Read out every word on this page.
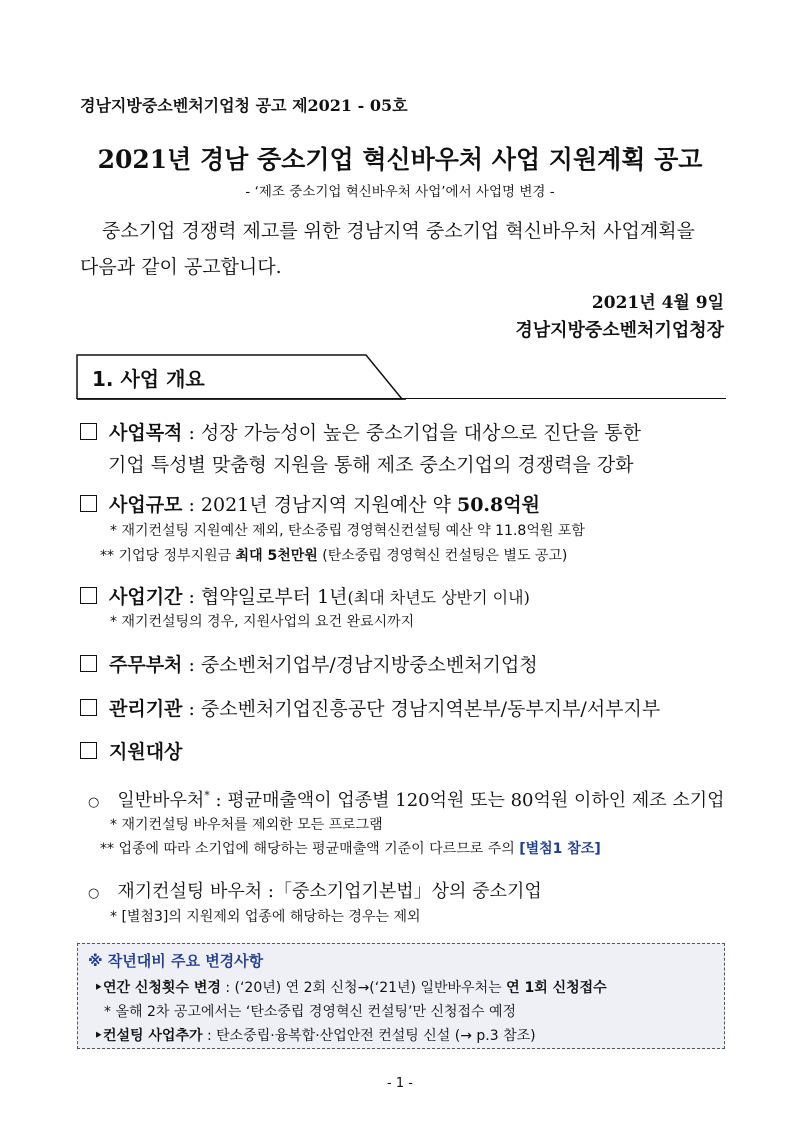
경남지방중소벤처기업청 공고 제2021 - 05호
2021년 경남 중소기업 혁신바우처 사업 지원계획 공고
- ‘제조 중소기업 혁신바우처 사업’에서 사업명 변경 -
중소기업 경쟁력 제고를 위한 경남지역 중소기업 혁신바우처 사업계획을
다음과 같이 공고합니다.
2021년 4월 9일
경남지방중소벤처기업청장
1. 사업 개요
사업목적 : 성장 가능성이 높은 중소기업을 대상으로 진단을 통한
기업 특성별 맞춤형 지원을 통해 제조 중소기업의 경쟁력을 강화
사업규모 : 2021년 경남지역 지원예산 약 50.8억원
* 재기컨설팅 지원예산 제외, 탄소중립 경영혁신컨설팅 예산 약 11.8억원 포함
** 기업당 정부지원금 최대 5천만원 (탄소중립 경영혁신 컨설팅은 별도 공고)
사업기간 : 협약일로부터 1년(최대 차년도 상반기 이내)
* 재기컨설팅의 경우, 지원사업의 요건 완료시까지
주무부처 : 중소벤처기업부/경남지방중소벤처기업청
관리기관 : 중소벤처기업진흥공단 경남지역본부/동부지부/서부지부
지원대상
○ 일반바우처* : 평균매출액이 업종별 120억원 또는 80억원 이하인 제조 소기업
* 재기컨설팅 바우처를 제외한 모든 프로그램
** 업종에 따라 소기업에 해당하는 평균매출액 기준이 다르므로 주의 [별첨1 참조]
○ 재기컨설팅 바우처 :「중소기업기본법」상의 중소기업
* [별첨3]의 지원제외 업종에 해당하는 경우는 제외
※ 작년대비 주요 변경사항
‣연간 신청횟수 변경 : (‘20년) 연 2회 신청→(‘21년) 일반바우처는 연 1회 신청접수
* 올해 2차 공고에서는 ‘탄소중립 경영혁신 컨설팅’만 신청접수 예정
‣컨설팅 사업추가 : 탄소중립·융복합·산업안전 컨설팅 신설 (→ p.3 참조)
- 1 -
